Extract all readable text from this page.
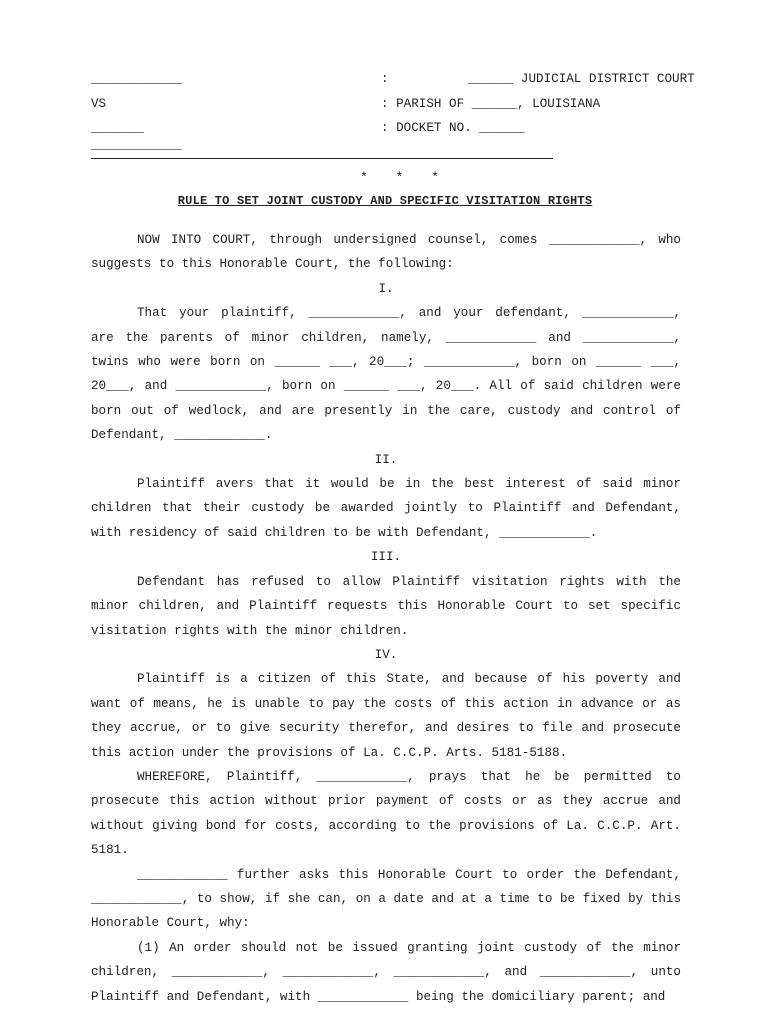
____________
VS
_______
____________
:	______ JUDICIAL DISTRICT COURT
: PARISH OF ______, LOUISIANA
: DOCKET NO. ______
* * *
RULE TO SET JOINT CUSTODY AND SPECIFIC VISITATION RIGHTS

NOW INTO COURT, through undersigned counsel, comes ____________, who suggests to this Honorable Court, the following:

I.

That your plaintiff, ____________, and your defendant, ____________, are the parents of minor children, namely, ____________ and ____________, twins who were born on ______ ___, 20___; ____________, born on ______ ___, 20___, and ____________, born on ______ ___, 20___. All of said children were born out of wedlock, and are presently in the care, custody and control of Defendant, ____________.

II.

Plaintiff avers that it would be in the best interest of said minor children that their custody be awarded jointly to Plaintiff and Defendant, with residency of said children to be with Defendant, ____________.

III.

Defendant has refused to allow Plaintiff visitation rights with the minor children, and Plaintiff requests this Honorable Court to set specific visitation rights with the minor children.

IV.

Plaintiff is a citizen of this State, and because of his poverty and want of means, he is unable to pay the costs of this action in advance or as they accrue, or to give security therefor, and desires to file and prosecute this action under the provisions of La. C.C.P. Arts. 5181-5188.

WHEREFORE, Plaintiff, ____________, prays that he be permitted to prosecute this action without prior payment of costs or as they accrue and without giving bond for costs, according to the provisions of La. C.C.P. Art. 5181.

____________ further asks this Honorable Court to order the Defendant, ____________, to show, if she can, on a date and at a time to be fixed by this Honorable Court, why:

(1) An order should not be issued granting joint custody of the minor children, ____________, ____________, ____________, and ____________, unto Plaintiff and Defendant, with ____________ being the domiciliary parent; and
